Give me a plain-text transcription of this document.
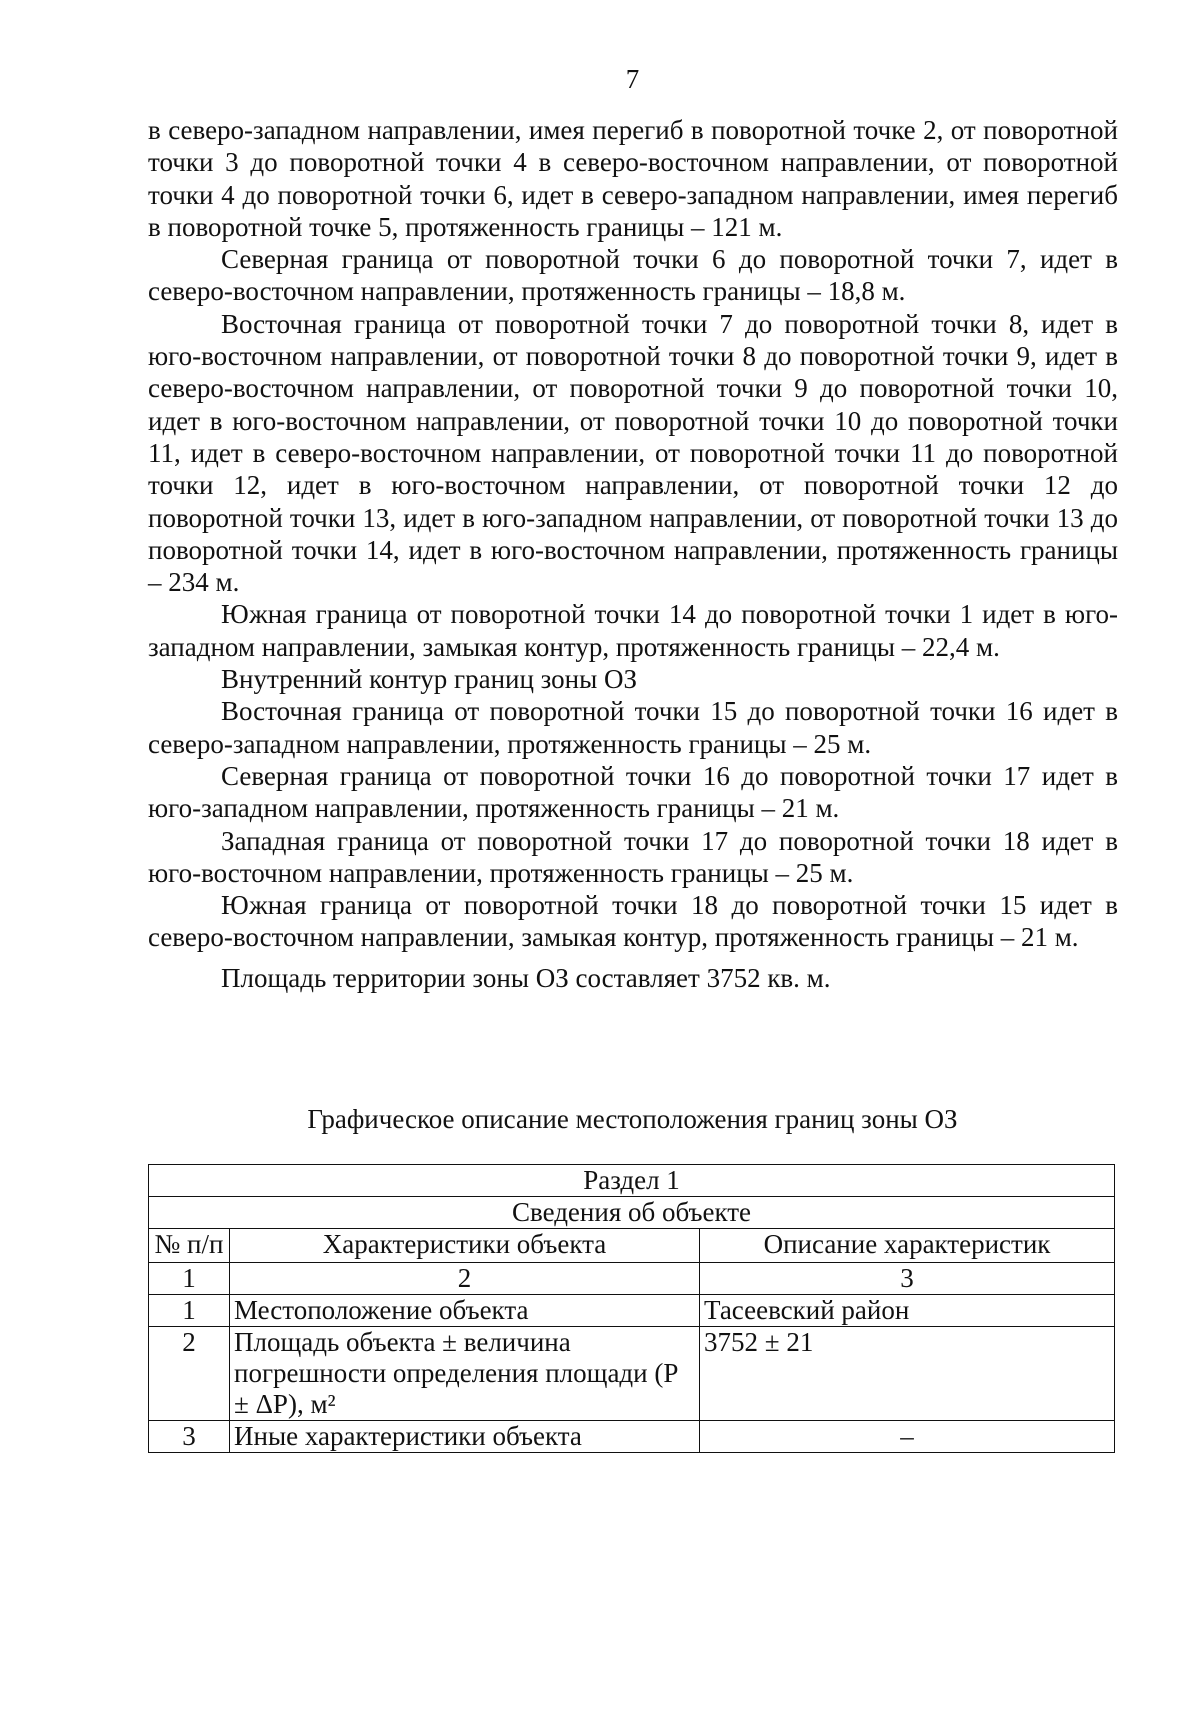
7

в северо-западном направлении, имея перегиб в поворотной точке 2, от поворотной точки 3 до поворотной точки 4 в северо-восточном направлении, от поворотной точки 4 до поворотной точки 6, идет в северо-западном направлении, имея перегиб в поворотной точке 5, протяженность границы – 121 м.

Северная граница от поворотной точки 6 до поворотной точки 7, идет в северо-восточном направлении, протяженность границы – 18,8 м.

Восточная граница от поворотной точки 7 до поворотной точки 8, идет в юго-восточном направлении, от поворотной точки 8 до поворотной точки 9, идет в северо-восточном направлении, от поворотной точки 9 до поворотной точки 10, идет в юго-восточном направлении, от поворотной точки 10 до поворотной точки 11, идет в северо-восточном направлении, от поворотной точки 11 до поворотной точки 12, идет в юго-восточном направлении, от поворотной точки 12 до поворотной точки 13, идет в юго-западном направлении, от поворотной точки 13 до поворотной точки 14, идет в юго-восточном направлении, протяженность границы – 234 м.

Южная граница от поворотной точки 14 до поворотной точки 1 идет в юго-западном направлении, замыкая контур, протяженность границы – 22,4 м.

Внутренний контур границ зоны ОЗ

Восточная граница от поворотной точки 15 до поворотной точки 16 идет в северо-западном направлении, протяженность границы – 25 м.

Северная граница от поворотной точки 16 до поворотной точки 17 идет в юго-западном направлении, протяженность границы – 21 м.

Западная граница от поворотной точки 17 до поворотной точки 18 идет в юго-восточном направлении, протяженность границы – 25 м.

Южная граница от поворотной точки 18 до поворотной точки 15 идет в северо-восточном направлении, замыкая контур, протяженность границы – 21 м.

Площадь территории зоны ОЗ составляет 3752 кв. м.

Графическое описание местоположения границ зоны ОЗ
Раздел 1		
Сведения об объекте		
№ п/п	Характеристики объекта	Описание характеристик
1	2	3
1	Местоположение объекта	Тасеевский район
2	Площадь объекта ± величина погрешности определения площади (P ± ΔP), м²	3752 ± 21
3	Иные характеристики объекта	–
